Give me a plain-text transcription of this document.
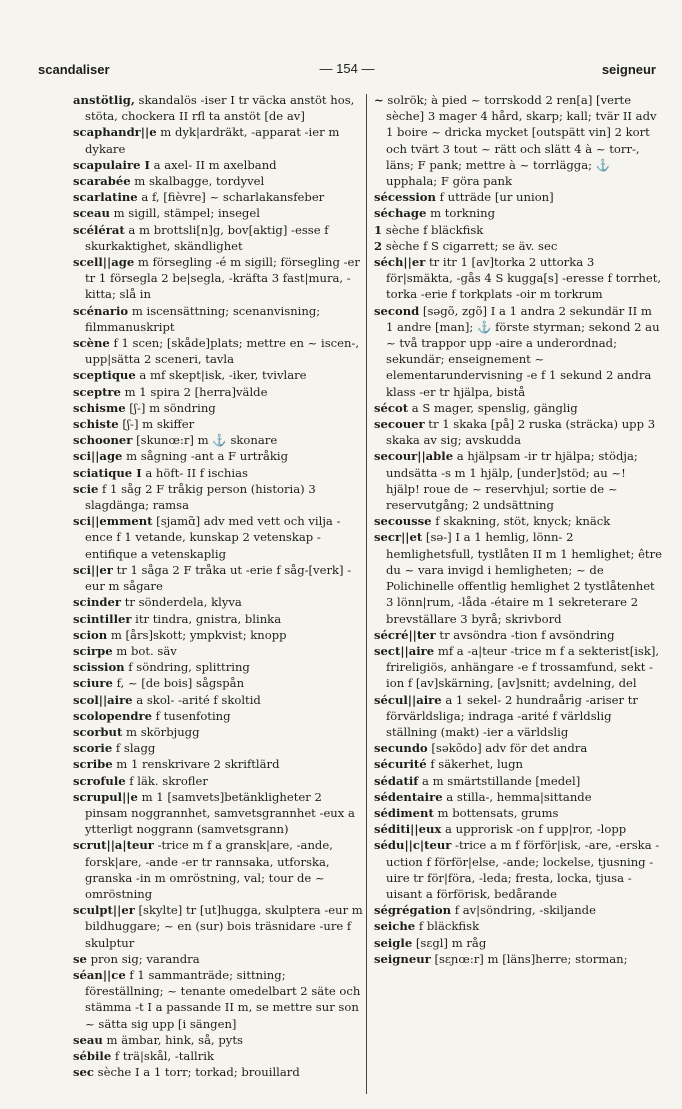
scandaliser	— 154 —	seigneur

anstötlig, skandalös -iser I tr väcka anstöt hos, stöta, chockera II rfl ta anstöt [de av]

scaphandr||e m dyk|ardräkt, -apparat -ier m dykare

scapulaire I a axel- II m axelband

scarabée m skalbagge, tordyvel

scarlatine a f, [fièvre] ~ scharlakansfeber

sceau m sigill, stämpel; insegel

scélérat a m brottsli[n]g, bov[aktig] -esse f skurkaktighet, skändlighet

scell||age m försegling -é m sigill; försegling -er tr 1 försegla 2 be|segla, -kräfta 3 fast|mura, -kitta; slå in

scénario m iscensättning; scenanvisning; filmmanuskript

scène f 1 scen; [skåde]plats; mettre en ~ iscen-, upp|sätta 2 sceneri, tavla

sceptique a mf skept|isk, -iker, tvivlare

sceptre m 1 spira 2 [herra]välde

schisme [ʃ-] m söndring

schiste [ʃ-] m skiffer

schooner [skunœ:r] m ⚓ skonare

sci||age m sågning -ant a F urtråkig

sciatique I a höft- II f ischias

scie f 1 såg 2 F tråkig person (historia) 3 slagdänga; ramsa

sci||emment [sjamɑ̃] adv med vett och vilja -ence f 1 vetande, kunskap 2 vetenskap -entifique a vetenskaplig

sci||er tr 1 såga 2 F tråka ut -erie f såg-[verk] -eur m sågare

scinder tr sönderdela, klyva

scintiller itr tindra, gnistra, blinka

scion m [års]skott; ympkvist; knopp

scirpe m bot. säv

scission f söndring, splittring

sciure f, ~ [de bois] sågspån

scol||aire a skol- -arité f skoltid

scolopendre f tusenfoting

scorbut m skörbjugg

scorie f slagg

scribe m 1 renskrivare 2 skriftlärd

scrofule f läk. skrofler

scrupul||e m 1 [samvets]betänkligheter 2 pinsam noggrannhet, samvetsgrannhet -eux a ytterligt noggrann (samvetsgrann)

scrut||a|teur -trice m f a gransk|are, -ande, forsk|are, -ande -er tr rannsaka, utforska, granska -in m omröstning, val; tour de ~ omröstning

sculpt||er [skylte] tr [ut]hugga, skulptera -eur m bildhuggare; ~ en (sur) bois träsnidare -ure f skulptur

se pron sig; varandra

séan||ce f 1 sammanträde; sittning; föreställning; ~ tenante omedelbart 2 säte och stämma -t I a passande II m, se mettre sur son ~ sätta sig upp [i sängen]

seau m ämbar, hink, så, pyts

sébile f trä|skål, -tallrik

sec sèche I a 1 torr; torkad; brouillard

~ solrök; à pied ~ torrskodd 2 ren[a] [verte sèche] 3 mager 4 hård, skarp; kall; tvär II adv 1 boire ~ dricka mycket [outspätt vin] 2 kort och tvärt 3 tout ~ rätt och slätt 4 à ~ torr-, läns; F pank; mettre à ~ torrlägga; ⚓ upphala; F göra pank

sécession f utträde [ur union]

séchage m torkning

1 sèche f bläckfisk

2 sèche f S cigarrett; se äv. sec

séch||er tr itr 1 [av]torka 2 uttorka 3 för|smäkta, -gås 4 S kugga[s] -eresse f torrhet, torka -erie f torkplats -oir m torkrum

second [səgõ, zgõ] I a 1 andra 2 sekundär II m 1 andre [man]; ⚓ förste styrman; sekond 2 au ~ två trappor upp -aire a underordnad; sekundär; enseignement ~ elementarundervisning -e f 1 sekund 2 andra klass -er tr hjälpa, bistå

sécot a S mager, spenslig, gänglig

secouer tr 1 skaka [på] 2 ruska (sträcka) upp 3 skaka av sig; avskudda

secour||able a hjälpsam -ir tr hjälpa; stödja; undsätta -s m 1 hjälp, [under]stöd; au ~! hjälp! roue de ~ reservhjul; sortie de ~ reservutgång; 2 undsättning

secousse f skakning, stöt, knyck; knäck

secr||et [sə-] I a 1 hemlig, lönn- 2 hemlighetsfull, tystlåten II m 1 hemlighet; être du ~ vara invigd i hemligheten; ~ de Polichinelle offentlig hemlighet 2 tystlåtenhet 3 lönn|rum, -låda -étaire m 1 sekreterare 2 brevställare 3 byrå; skrivbord

sécré||ter tr avsöndra -tion f avsöndring

sect||aire mf a -a|teur -trice m f a sekterist[isk], frireligiös, anhängare -e f trossamfund, sekt -ion f [av]skärning, [av]snitt; avdelning, del

sécul||aire a 1 sekel- 2 hundraårig -ariser tr förvärldsliga; indraga -arité f världslig ställning (makt) -ier a världslig

secundo [səkõdo] adv för det andra

sécurité f säkerhet, lugn

sédatif a m smärtstillande [medel]

sédentaire a stilla-, hemma|sittande

sédiment m bottensats, grums

séditi||eux a upprorisk -on f upp|ror, -lopp

sédu||c|teur -trice a m f förför|isk, -are, -erska -uction f förför|else, -ande; lockelse, tjusning -uire tr för|föra, -leda; fresta, locka, tjusa -uisant a förförisk, bedårande

ségrégation f av|söndring, -skiljande

seiche f bläckfisk

seigle [sɛgl] m råg

seigneur [sɛɲœ:r] m [läns]herre; storman;
